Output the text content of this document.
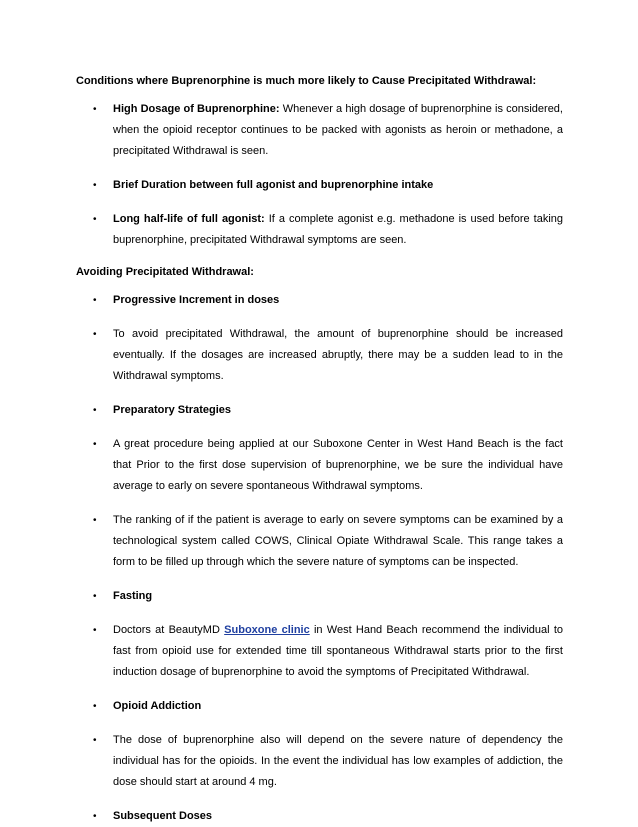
Conditions where Buprenorphine is much more likely to Cause Precipitated Withdrawal:

• High Dosage of Buprenorphine: Whenever a high dosage of buprenorphine is considered, when the opioid receptor continues to be packed with agonists as heroin or methadone, a precipitated Withdrawal is seen.
• Brief Duration between full agonist and buprenorphine intake
• Long half-life of full agonist: If a complete agonist e.g. methadone is used before taking buprenorphine, precipitated Withdrawal symptoms are seen.

Avoiding Precipitated Withdrawal:

• Progressive Increment in doses
• To avoid precipitated Withdrawal, the amount of buprenorphine should be increased eventually. If the dosages are increased abruptly, there may be a sudden lead to in the Withdrawal symptoms.
• Preparatory Strategies
• A great procedure being applied at our Suboxone Center in West Hand Beach is the fact that Prior to the first dose supervision of buprenorphine, we be sure the individual have average to early on severe spontaneous Withdrawal symptoms.
• The ranking of if the patient is average to early on severe symptoms can be examined by a technological system called COWS, Clinical Opiate Withdrawal Scale. This range takes a form to be filled up through which the severe nature of symptoms can be inspected.
• Fasting
• Doctors at BeautyMD Suboxone clinic in West Hand Beach recommend the individual to fast from opioid use for extended time till spontaneous Withdrawal starts prior to the first induction dosage of buprenorphine to avoid the symptoms of Precipitated Withdrawal.
• Opioid Addiction
• The dose of buprenorphine also will depend on the severe nature of dependency the individual has for the opioids. In the event the individual has low examples of addiction, the dose should start at around 4 mg.
• Subsequent Doses
